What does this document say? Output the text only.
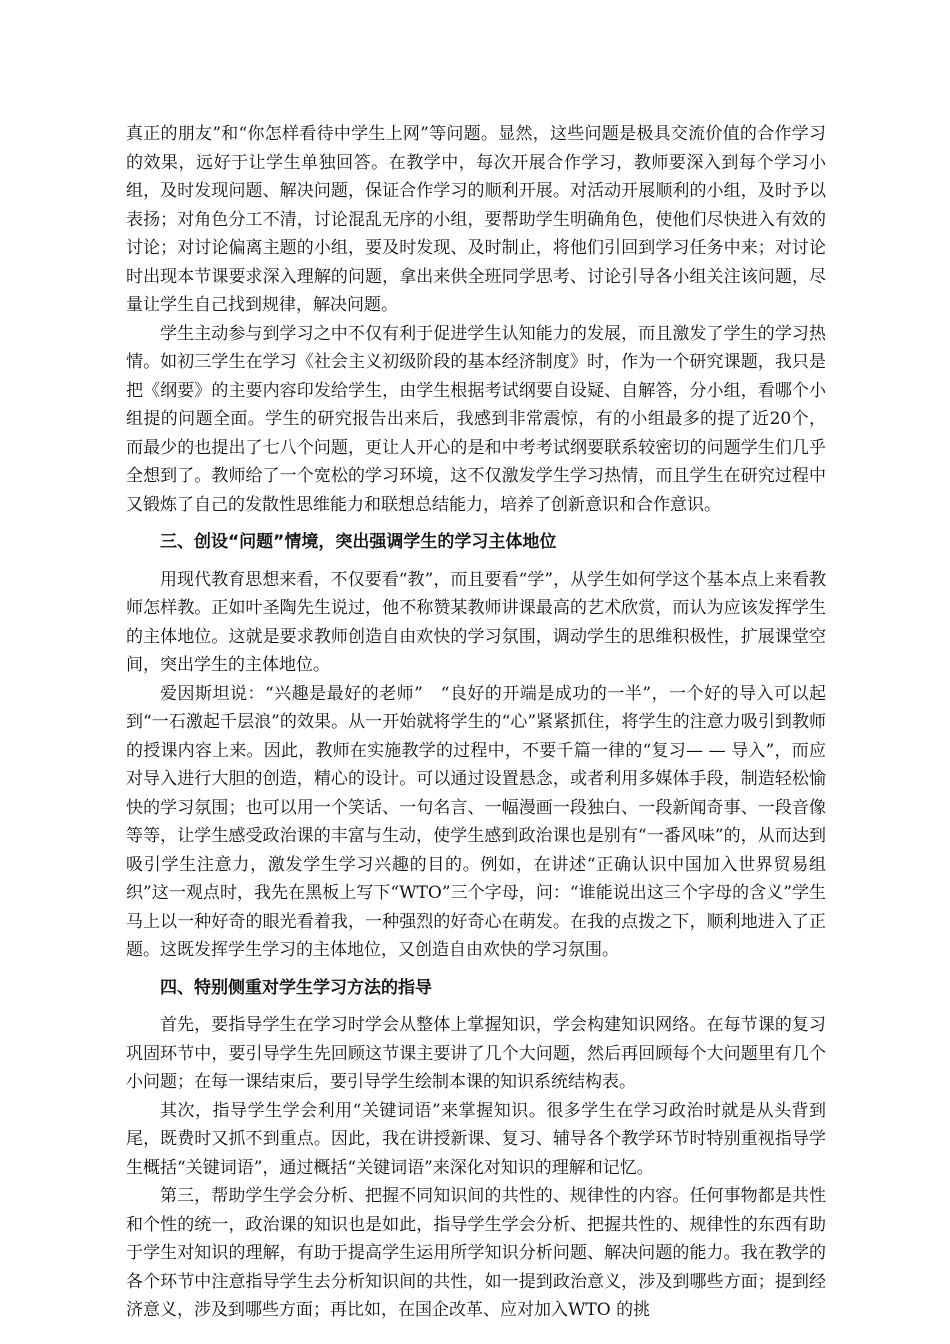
真正的朋友”和“你怎样看待中学生上网”等问题。显然，这些问题是极具交流价值的合作学习的效果，远好于让学生单独回答。在教学中，每次开展合作学习，教师要深入到每个学习小组，及时发现问题、解决问题，保证合作学习的顺利开展。对活动开展顺利的小组，及时予以表扬；对角色分工不清，讨论混乱无序的小组，要帮助学生明确角色，使他们尽快进入有效的讨论；对讨论偏离主题的小组，要及时发现、及时制止，将他们引回到学习任务中来；对讨论时出现本节课要求深入理解的问题，拿出来供全班同学思考、讨论引导各小组关注该问题，尽量让学生自己找到规律，解决问题。

学生主动参与到学习之中不仅有利于促进学生认知能力的发展，而且激发了学生的学习热情。如初三学生在学习《社会主义初级阶段的基本经济制度》时，作为一个研究课题，我只是把《纲要》的主要内容印发给学生，由学生根据考试纲要自设疑、自解答，分小组，看哪个小组提的问题全面。学生的研究报告出来后，我感到非常震惊，有的小组最多的提了近20个，而最少的也提出了七八个问题，更让人开心的是和中考考试纲要联系较密切的问题学生们几乎全想到了。教师给了一个宽松的学习环境，这不仅激发学生学习热情，而且学生在研究过程中又锻炼了自己的发散性思维能力和联想总结能力，培养了创新意识和合作意识。

三、创设“问题”情境，突出强调学生的学习主体地位

用现代教育思想来看，不仅要看“教”，而且要看“学”，从学生如何学这个基本点上来看教师怎样教。正如叶圣陶先生说过，他不称赞某教师讲课最高的艺术欣赏，而认为应该发挥学生的主体地位。这就是要求教师创造自由欢快的学习氛围，调动学生的思维积极性，扩展课堂空间，突出学生的主体地位。

爱因斯坦说：“兴趣是最好的老师”　“良好的开端是成功的一半”，一个好的导入可以起到“一石激起千层浪”的效果。从一开始就将学生的“心”紧紧抓住，将学生的注意力吸引到教师的授课内容上来。因此，教师在实施教学的过程中，不要千篇一律的“复习— — 导入”，而应对导入进行大胆的创造，精心的设计。可以通过设置悬念，或者利用多媒体手段，制造轻松愉快的学习氛围；也可以用一个笑话、一句名言、一幅漫画一段独白、一段新闻奇事、一段音像等等，让学生感受政治课的丰富与生动，使学生感到政治课也是别有“一番风味”的，从而达到吸引学生注意力，激发学生学习兴趣的目的。例如，在讲述“正确认识中国加入世界贸易组织”这一观点时，我先在黑板上写下“WTO”三个字母，问：“谁能说出这三个字母的含义”学生马上以一种好奇的眼光看着我，一种强烈的好奇心在萌发。在我的点拨之下，顺利地进入了正题。这既发挥学生学习的主体地位，又创造自由欢快的学习氛围。

四、特别侧重对学生学习方法的指导

首先，要指导学生在学习时学会从整体上掌握知识，学会构建知识网络。在每节课的复习巩固环节中，要引导学生先回顾这节课主要讲了几个大问题，然后再回顾每个大问题里有几个小问题；在每一课结束后，要引导学生绘制本课的知识系统结构表。

其次，指导学生学会利用“关键词语”来掌握知识。很多学生在学习政治时就是从头背到尾，既费时又抓不到重点。因此，我在讲授新课、复习、辅导各个教学环节时特别重视指导学生概括“关键词语”，通过概括“关键词语”来深化对知识的理解和记忆。

第三，帮助学生学会分析、把握不同知识间的共性的、规律性的内容。任何事物都是共性和个性的统一，政治课的知识也是如此，指导学生学会分析、把握共性的、规律性的东西有助于学生对知识的理解，有助于提高学生运用所学知识分析问题、解决问题的能力。我在教学的各个环节中注意指导学生去分析知识间的共性，如一提到政治意义，涉及到哪些方面；提到经济意义，涉及到哪些方面；再比如，在国企改革、应对加入WTO 的挑
